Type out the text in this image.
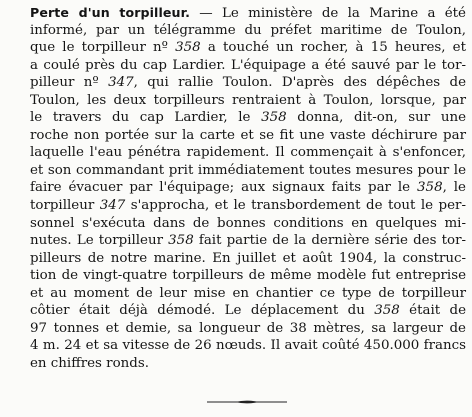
Perte d'un torpilleur. — Le ministère de la Marine a été
informé, par un télégramme du préfet maritime de Toulon,
que le torpilleur nº 358 a touché un rocher, à 15 heures, et
a coulé près du cap Lardier. L'équipage a été sauvé par le tor-
pilleur nº 347, qui rallie Toulon. D'après des dépêches de
Toulon, les deux torpilleurs rentraient à Toulon, lorsque, par
le travers du cap Lardier, le 358 donna, dit-on, sur une
roche non portée sur la carte et se fit une vaste déchirure par
laquelle l'eau pénétra rapidement. Il commençait à s'enfoncer,
et son commandant prit immédiatement toutes mesures pour le
faire évacuer par l'équipage; aux signaux faits par le 358, le
torpilleur 347 s'approcha, et le transbordement de tout le per-
sonnel s'exécuta dans de bonnes conditions en quelques mi-
nutes. Le torpilleur 358 fait partie de la dernière série des tor-
pilleurs de notre marine. En juillet et août 1904, la construc-
tion de vingt-quatre torpilleurs de même modèle fut entreprise
et au moment de leur mise en chantier ce type de torpilleur
côtier était déjà démodé. Le déplacement du 358 était de
97 tonnes et demie, sa longueur de 38 mètres, sa largeur de
4 m. 24 et sa vitesse de 26 nœuds. Il avait coûté 450.000 francs
en chiffres ronds.
